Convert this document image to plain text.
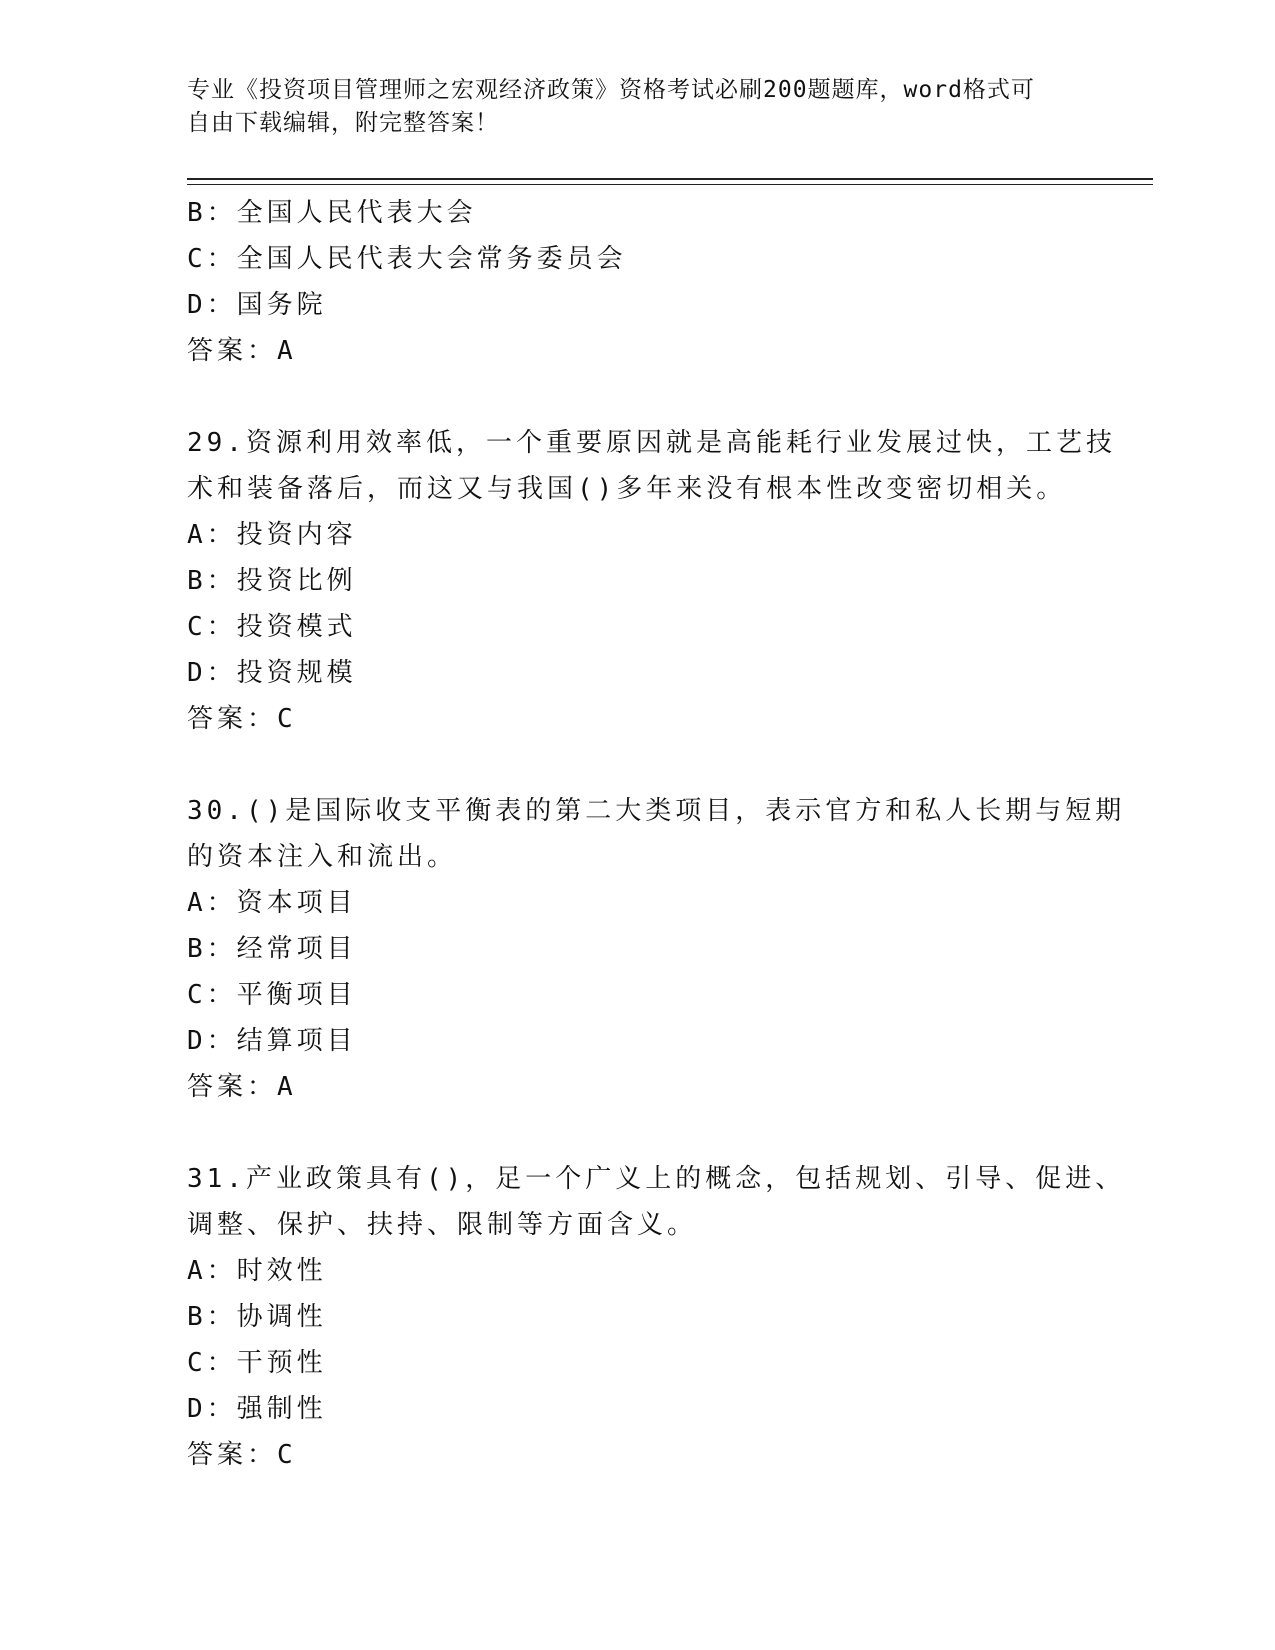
专业《投资项目管理师之宏观经济政策》资格考试必刷200题题库，word格式可
自由下载编辑，附完整答案！
B：全国人民代表大会
C：全国人民代表大会常务委员会
D：国务院
答案：A
29.资源利用效率低，一个重要原因就是高能耗行业发展过快，工艺技
术和装备落后，而这又与我国()多年来没有根本性改变密切相关。
A：投资内容
B：投资比例
C：投资模式
D：投资规模
答案：C
30.()是国际收支平衡表的第二大类项目，表示官方和私人长期与短期
的资本注入和流出。
A：资本项目
B：经常项目
C：平衡项目
D：结算项目
答案：A
31.产业政策具有()，足一个广义上的概念，包括规划、引导、促进、
调整、保护、扶持、限制等方面含义。
A：时效性
B：协调性
C：干预性
D：强制性
答案：C
